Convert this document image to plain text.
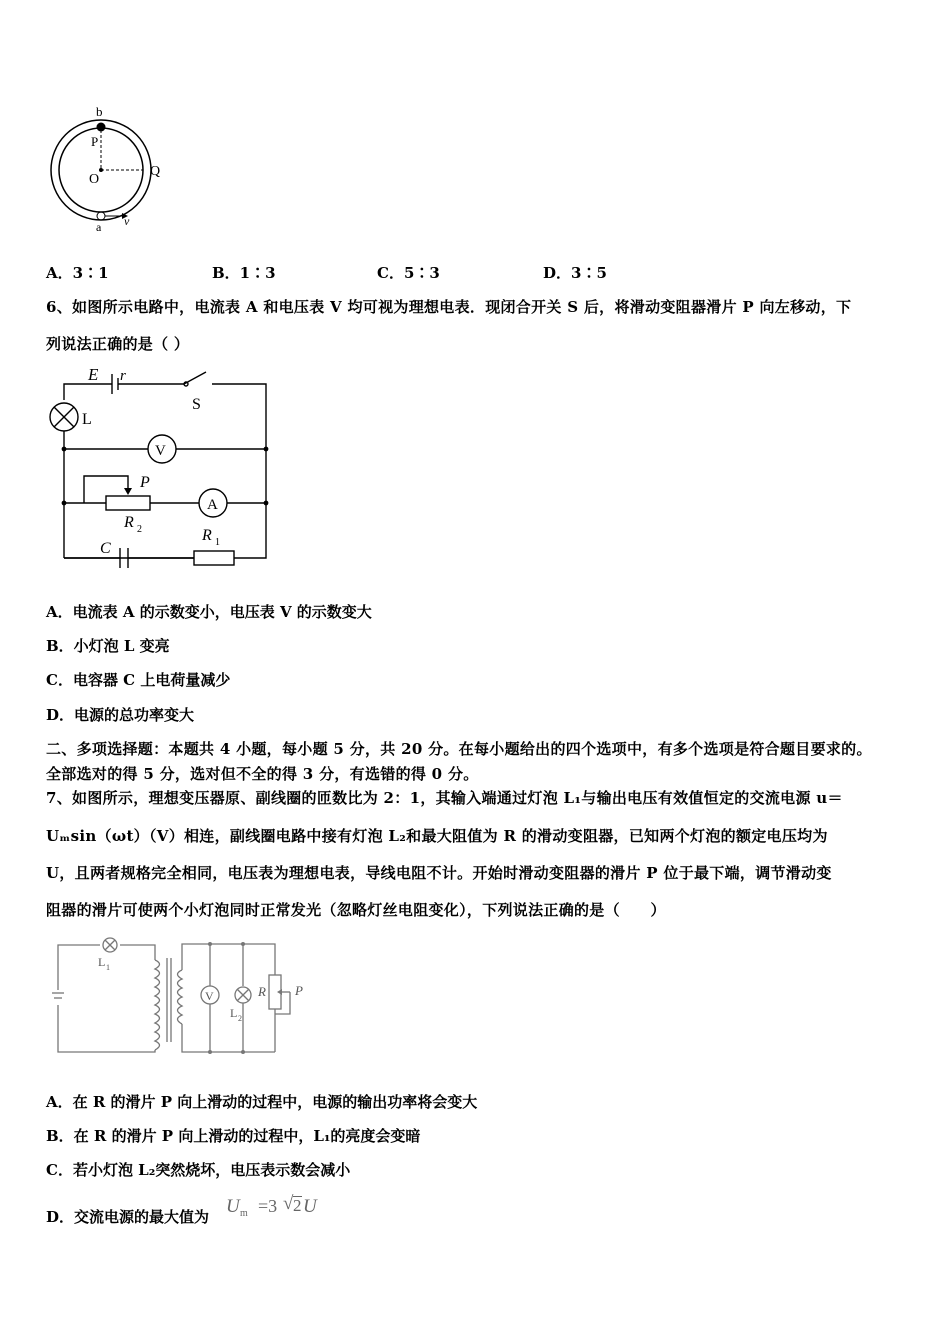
b
P
O
Q
a v
A．3∶1	B．1∶3	C．5∶3	D．3∶5
6、如图所示电路中，电流表 A 和电压表 V 均可视为理想电表．现闭合开关 S 后，将滑动变阻器滑片 P 向左移动，下
列说法正确的是（ ）
E r
S
L
V
P
A
R 2
C
R 1
A．电流表 A 的示数变小，电压表 V 的示数变大
B．小灯泡 L 变亮
C．电容器 C 上电荷量减少
D．电源的总功率变大
二、多项选择题：本题共 4 小题，每小题 5 分，共 20 分。在每小题给出的四个选项中，有多个选项是符合题目要求的。
全部选对的得 5 分，选对但不全的得 3 分，有选错的得 0 分。
7、如图所示，理想变压器原、副线圈的匝数比为 2：1，其输入端通过灯泡 L₁与输出电压有效值恒定的交流电源 u＝
Uₘsin（ωt）（V）相连，副线圈电路中接有灯泡 L₂和最大阻值为 R 的滑动变阻器，已知两个灯泡的额定电压均为
U，且两者规格完全相同，电压表为理想电表，导线电阻不计。开始时滑动变阻器的滑片 P 位于最下端，调节滑动变
阻器的滑片可使两个小灯泡同时正常发光（忽略灯丝电阻变化），下列说法正确的是（　　）
V
L 1
L 2
R P
A．在 R 的滑片 P 向上滑动的过程中，电源的输出功率将会变大
B．在 R 的滑片 P 向上滑动的过程中，L₁的亮度会变暗
C．若小灯泡 L₂突然烧坏，电压表示数会减小
D．交流电源的最大值为 U m =3 √ 2 U
